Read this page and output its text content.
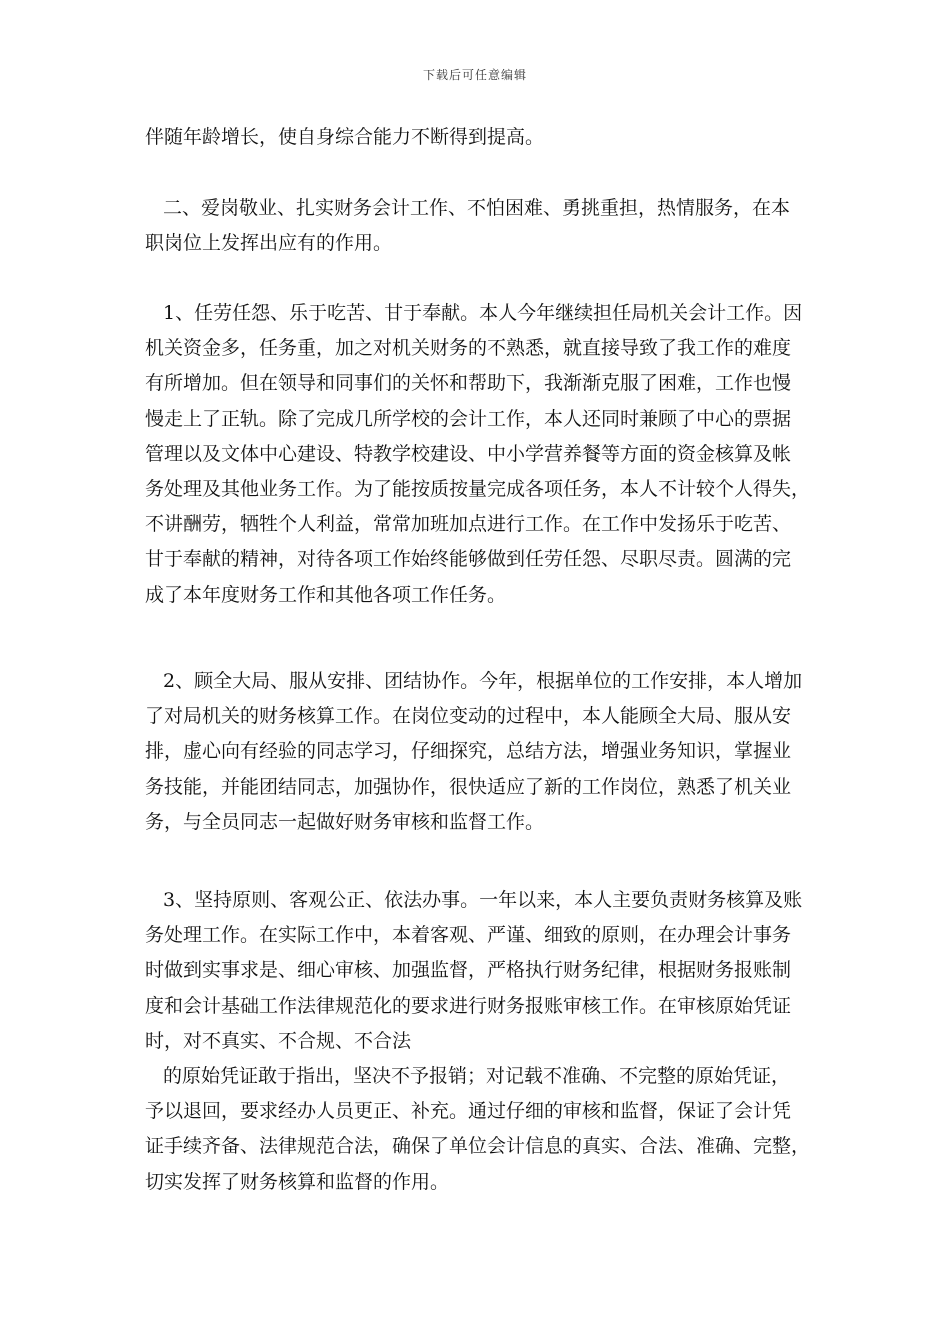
下载后可任意编辑
伴随年龄增长，使自身综合能力不断得到提高。
二、爱岗敬业、扎实财务会计工作、不怕困难、勇挑重担，热情服务，在本
职岗位上发挥出应有的作用。
1、任劳任怨、乐于吃苦、甘于奉献。本人今年继续担任局机关会计工作。因
机关资金多，任务重，加之对机关财务的不熟悉，就直接导致了我工作的难度
有所增加。但在领导和同事们的关怀和帮助下，我渐渐克服了困难，工作也慢
慢走上了正轨。除了完成几所学校的会计工作，本人还同时兼顾了中心的票据
管理以及文体中心建设、特教学校建设、中小学营养餐等方面的资金核算及帐
务处理及其他业务工作。为了能按质按量完成各项任务，本人不计较个人得失，
不讲酬劳，牺牲个人利益，常常加班加点进行工作。在工作中发扬乐于吃苦、
甘于奉献的精神，对待各项工作始终能够做到任劳任怨、尽职尽责。圆满的完
成了本年度财务工作和其他各项工作任务。
2、顾全大局、服从安排、团结协作。今年，根据单位的工作安排，本人增加
了对局机关的财务核算工作。在岗位变动的过程中，本人能顾全大局、服从安
排，虚心向有经验的同志学习，仔细探究，总结方法，增强业务知识，掌握业
务技能，并能团结同志，加强协作，很快适应了新的工作岗位，熟悉了机关业
务，与全员同志一起做好财务审核和监督工作。
3、坚持原则、客观公正、依法办事。一年以来，本人主要负责财务核算及账
务处理工作。在实际工作中，本着客观、严谨、细致的原则，在办理会计事务
时做到实事求是、细心审核、加强监督，严格执行财务纪律，根据财务报账制
度和会计基础工作法律规范化的要求进行财务报账审核工作。在审核原始凭证
时，对不真实、不合规、不合法
的原始凭证敢于指出，坚决不予报销；对记载不准确、不完整的原始凭证，
予以退回，要求经办人员更正、补充。通过仔细的审核和监督，保证了会计凭
证手续齐备、法律规范合法，确保了单位会计信息的真实、合法、准确、完整，
切实发挥了财务核算和监督的作用。
